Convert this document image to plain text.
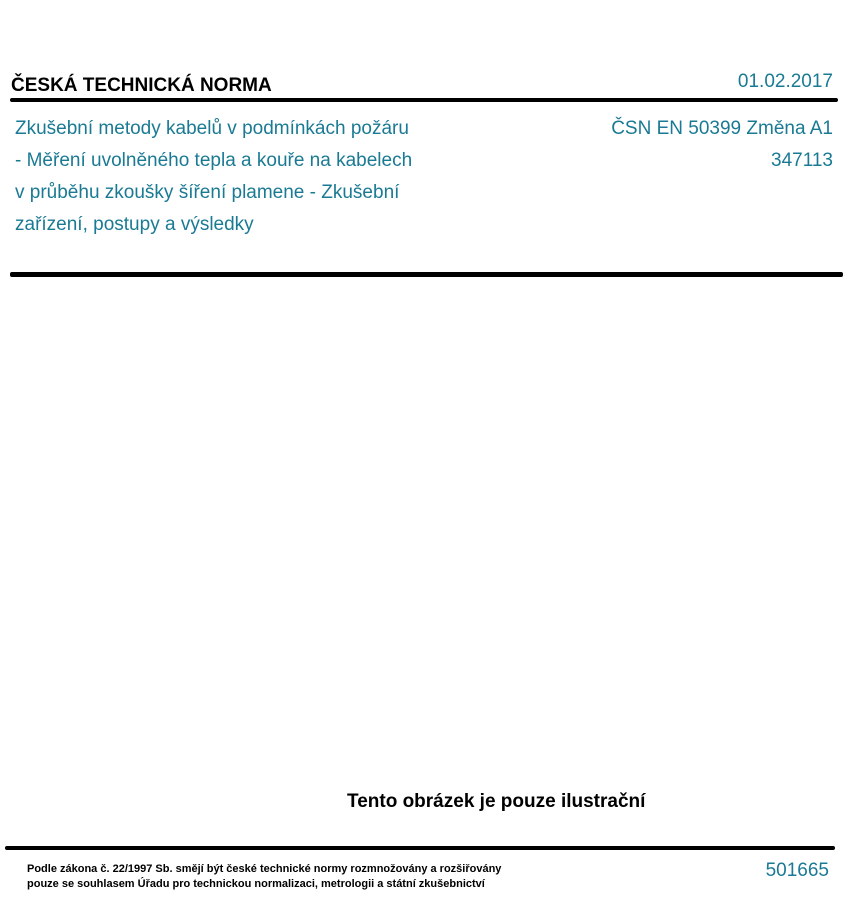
ČESKÁ TECHNICKÁ NORMA	01.02.2017
Zkušební metody kabelů v podmínkách požáru
- Měření uvolněného tepla a kouře na kabelech
v průběhu zkoušky šíření plamene - Zkušební
zařízení, postupy a výsledky
ČSN EN 50399 Změna A1
347113
Tento obrázek je pouze ilustrační
Podle zákona č. 22/1997 Sb. smějí být české technické normy rozmnožovány a rozšiřovány
pouze se souhlasem Úřadu pro technickou normalizaci, metrologii a státní zkušebnictví
501665
